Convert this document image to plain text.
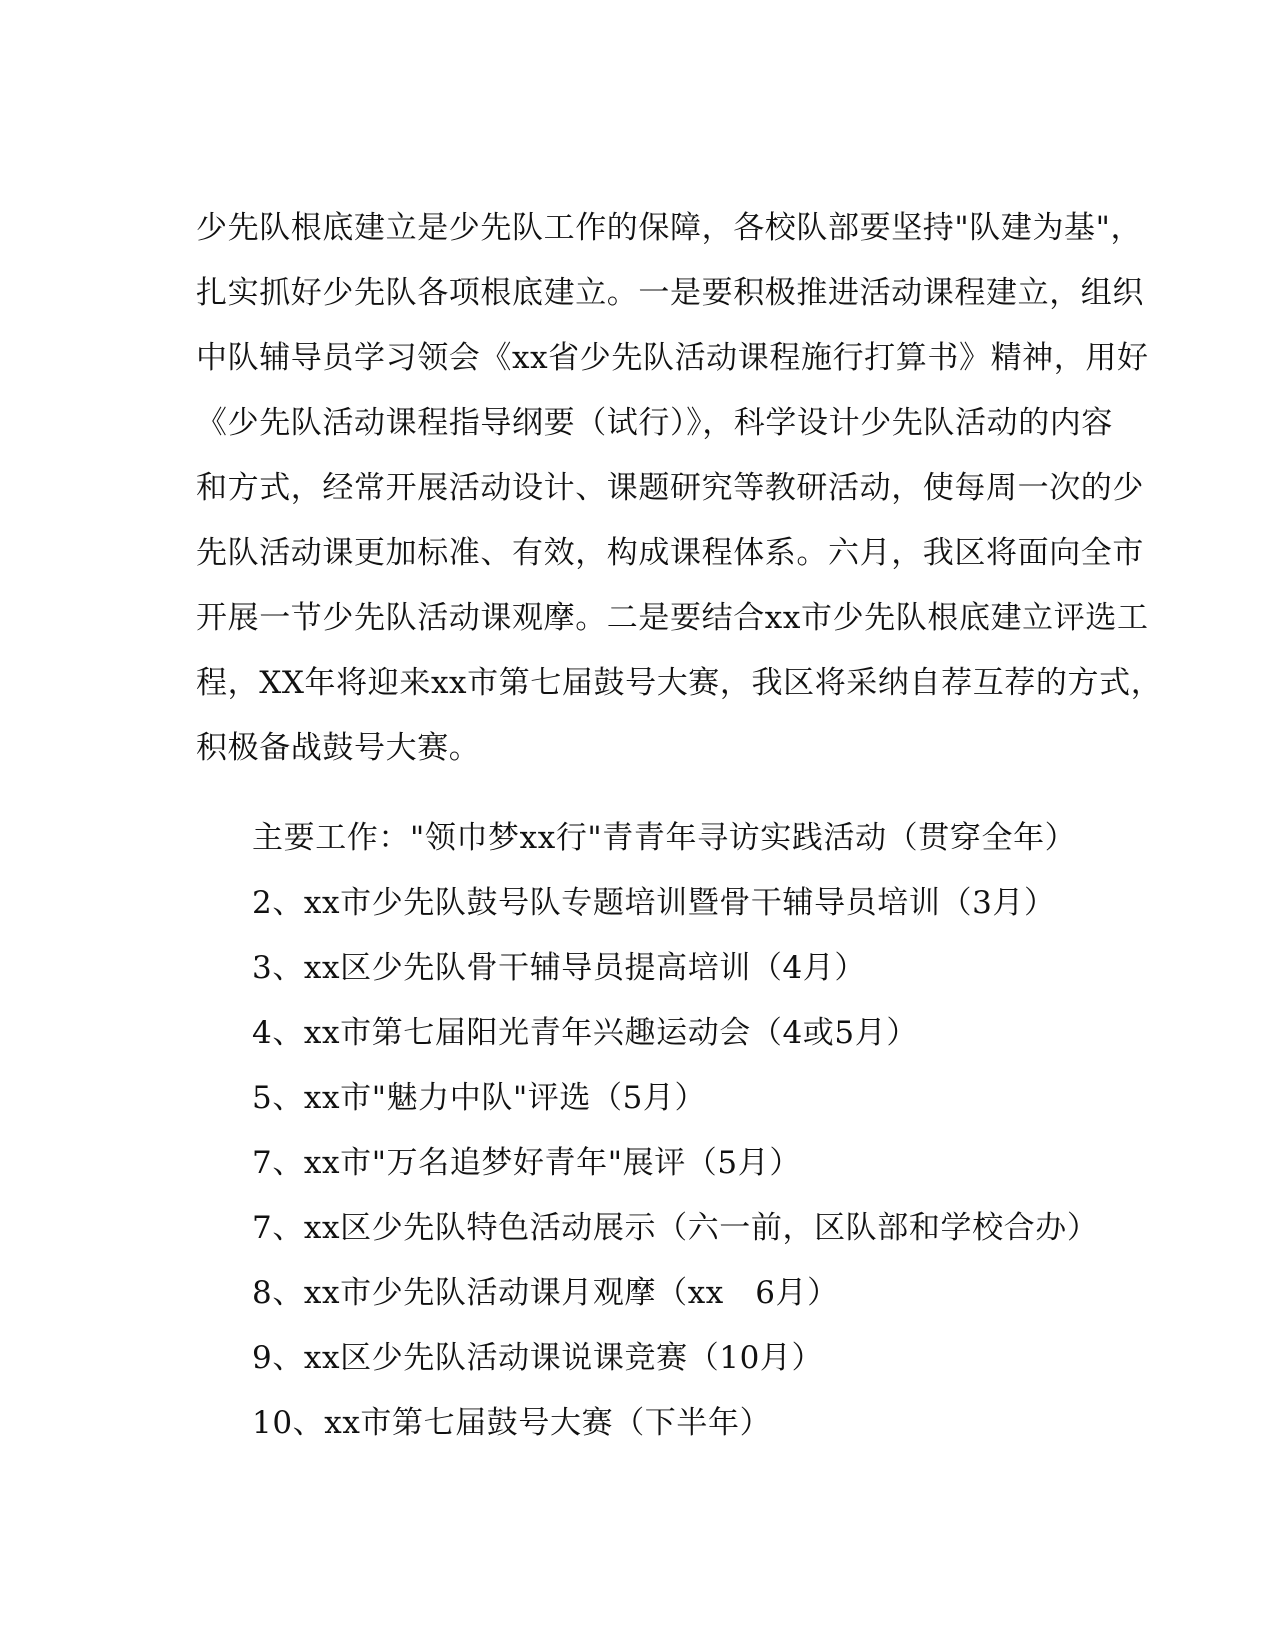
少先队根底建立是少先队工作的保障，各校队部要坚持"队建为基"，
扎实抓好少先队各项根底建立。一是要积极推进活动课程建立，组织
中队辅导员学习领会《xx省少先队活动课程施行打算书》精神，用好
《少先队活动课程指导纲要（试行）》，科学设计少先队活动的内容
和方式，经常开展活动设计、课题研究等教研活动，使每周一次的少
先队活动课更加标准、有效，构成课程体系。六月，我区将面向全市
开展一节少先队活动课观摩。二是要结合xx市少先队根底建立评选工
程，XX年将迎来xx市第七届鼓号大赛，我区将采纳自荐互荐的方式，
积极备战鼓号大赛。
主要工作："领巾梦xx行"青青年寻访实践活动（贯穿全年）
2、xx市少先队鼓号队专题培训暨骨干辅导员培训（3月）
3、xx区少先队骨干辅导员提高培训（4月）
4、xx市第七届阳光青年兴趣运动会（4或5月）
5、xx市"魅力中队"评选（5月）
7、xx市"万名追梦好青年"展评（5月）
7、xx区少先队特色活动展示（六一前，区队部和学校合办）
8、xx市少先队活动课月观摩（xx   6月）
9、xx区少先队活动课说课竞赛（10月）
10、xx市第七届鼓号大赛（下半年）
